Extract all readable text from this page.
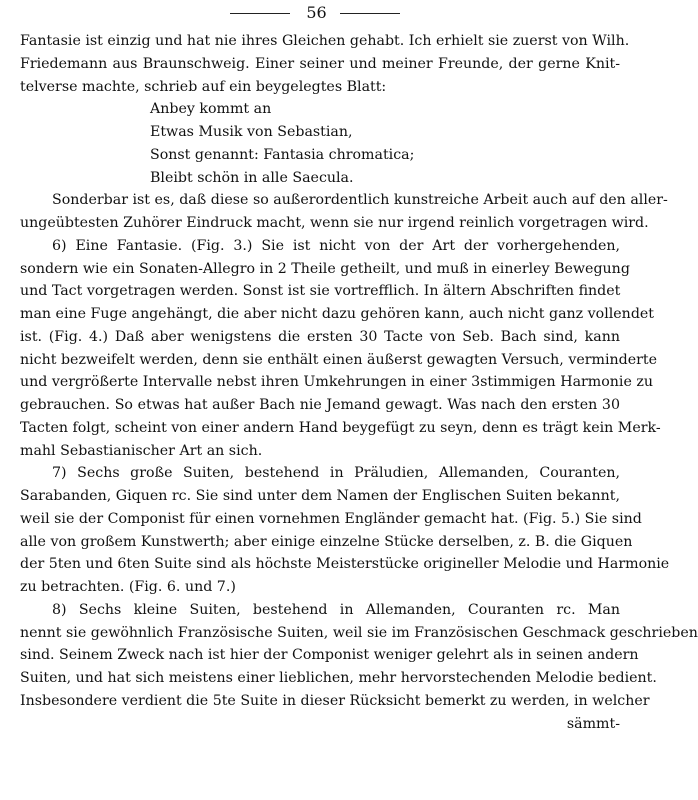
56
Fantasie ist einzig und hat nie ihres Gleichen gehabt. Ich erhielt sie zuerst von Wilh.
Friedemann aus Braunschweig. Einer seiner und meiner Freunde, der gerne Knit-
telverse machte, schrieb auf ein beygelegtes Blatt:
Anbey kommt an
Etwas Musik von Sebastian,
Sonst genannt: Fantasia chromatica;
Bleibt schön in alle Saecula.
Sonderbar ist es, daß diese so außerordentlich kunstreiche Arbeit auch auf den aller-
ungeübtesten Zuhörer Eindruck macht, wenn sie nur irgend reinlich vorgetragen wird.
6) Eine Fantasie. (Fig. 3.) Sie ist nicht von der Art der vorhergehenden,
sondern wie ein Sonaten-Allegro in 2 Theile getheilt, und muß in einerley Bewegung
und Tact vorgetragen werden. Sonst ist sie vortrefflich. In ältern Abschriften findet
man eine Fuge angehängt, die aber nicht dazu gehören kann, auch nicht ganz vollendet
ist. (Fig. 4.) Daß aber wenigstens die ersten 30 Tacte von Seb. Bach sind, kann
nicht bezweifelt werden, denn sie enthält einen äußerst gewagten Versuch, verminderte
und vergrößerte Intervalle nebst ihren Umkehrungen in einer 3stimmigen Harmonie zu
gebrauchen. So etwas hat außer Bach nie Jemand gewagt. Was nach den ersten 30
Tacten folgt, scheint von einer andern Hand beygefügt zu seyn, denn es trägt kein Merk-
mahl Sebastianischer Art an sich.
7) Sechs große Suiten, bestehend in Präludien, Allemanden, Couranten,
Sarabanden, Giquen rc. Sie sind unter dem Namen der Englischen Suiten bekannt,
weil sie der Componist für einen vornehmen Engländer gemacht hat. (Fig. 5.) Sie sind
alle von großem Kunstwerth; aber einige einzelne Stücke derselben, z. B. die Giquen
der 5ten und 6ten Suite sind als höchste Meisterstücke origineller Melodie und Harmonie
zu betrachten. (Fig. 6. und 7.)
8) Sechs kleine Suiten, bestehend in Allemanden, Couranten rc. Man
nennt sie gewöhnlich Französische Suiten, weil sie im Französischen Geschmack geschrieben
sind. Seinem Zweck nach ist hier der Componist weniger gelehrt als in seinen andern
Suiten, und hat sich meistens einer lieblichen, mehr hervorstechenden Melodie bedient.
Insbesondere verdient die 5te Suite in dieser Rücksicht bemerkt zu werden, in welcher
sämmt-
